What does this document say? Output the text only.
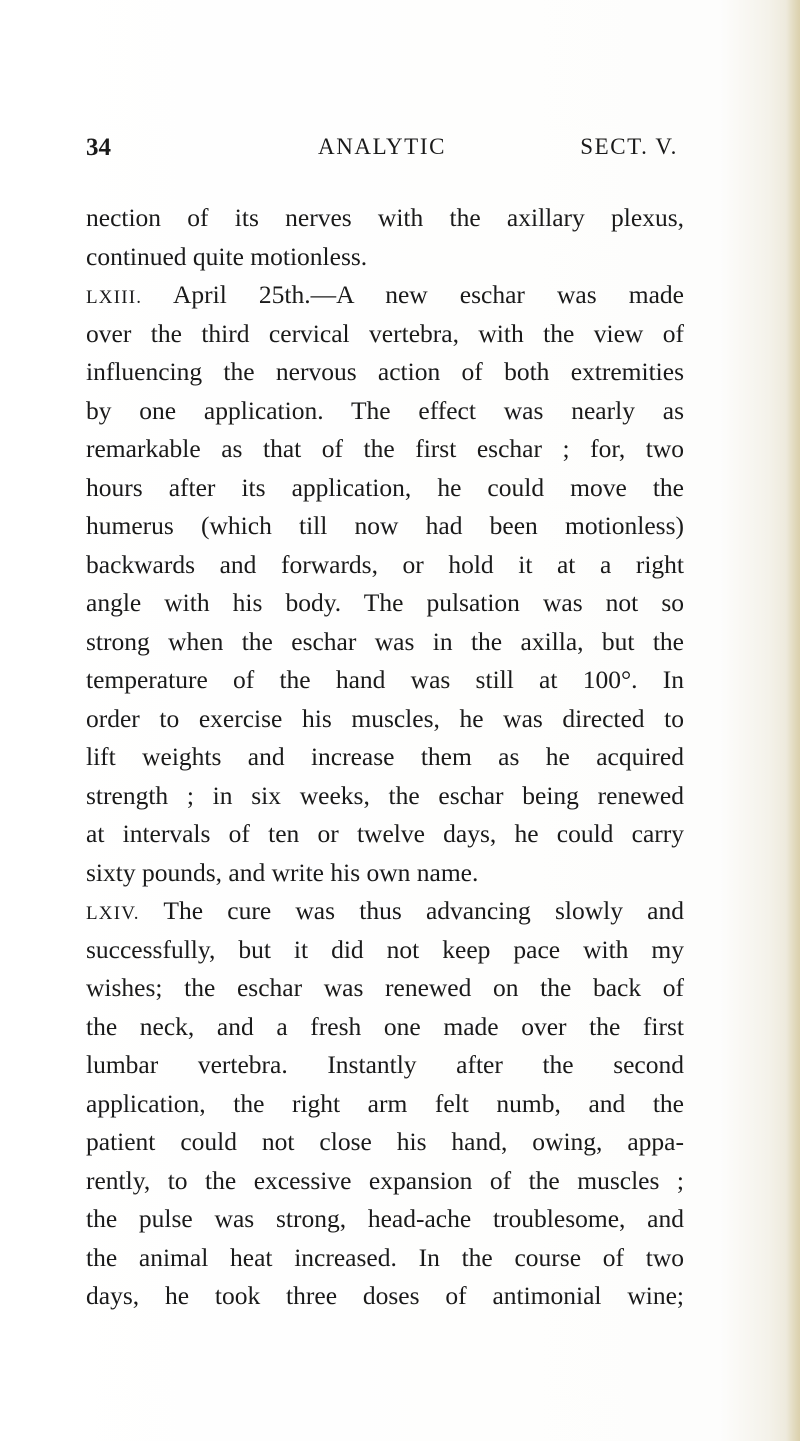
34	ANALYTIC	SECT. V.
nection of its nerves with the axillary plexus,
continued quite motionless.
LXIII. April 25th.—A new eschar was made
over the third cervical vertebra, with the view of
influencing the nervous action of both extremities
by one application. The effect was nearly as
remarkable as that of the first eschar ; for, two
hours after its application, he could move the
humerus (which till now had been motionless)
backwards and forwards, or hold it at a right
angle with his body. The pulsation was not so
strong when the eschar was in the axilla, but the
temperature of the hand was still at 100°. In
order to exercise his muscles, he was directed to
lift weights and increase them as he acquired
strength ; in six weeks, the eschar being renewed
at intervals of ten or twelve days, he could carry
sixty pounds, and write his own name.
LXIV. The cure was thus advancing slowly and
successfully, but it did not keep pace with my
wishes; the eschar was renewed on the back of
the neck, and a fresh one made over the first
lumbar vertebra. Instantly after the second
application, the right arm felt numb, and the
patient could not close his hand, owing, appa-
rently, to the excessive expansion of the muscles ;
the pulse was strong, head-ache troublesome, and
the animal heat increased. In the course of two
days, he took three doses of antimonial wine;
